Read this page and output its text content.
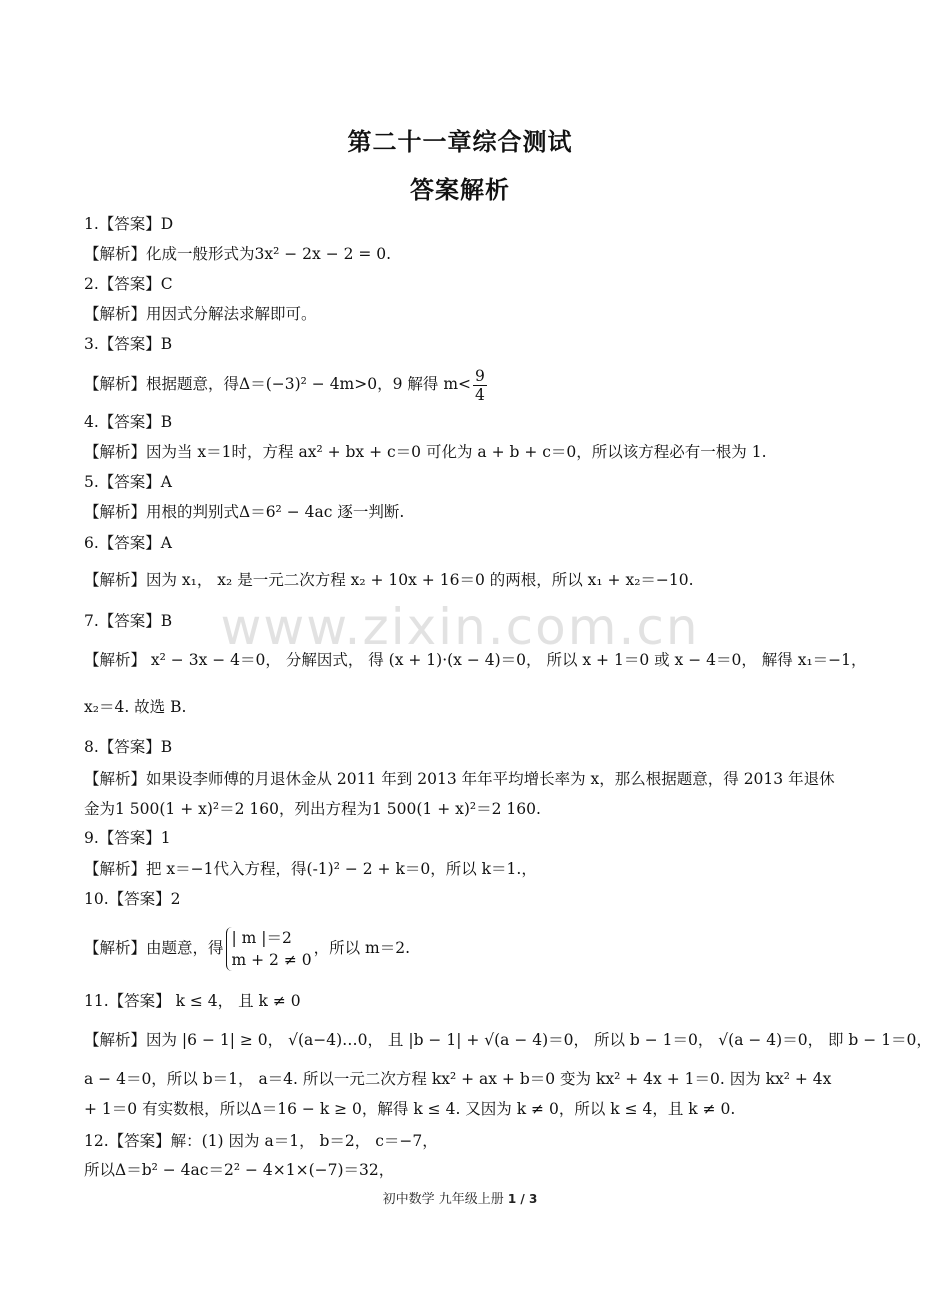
第二十一章综合测试
答案解析
www.zixin.com.cn
1.【答案】D
【解析】化成一般形式为3x² − 2x − 2 = 0.
2.【答案】C
【解析】用因式分解法求解即可。
3.【答案】B
【解析】根据题意，得Δ＝(−3)² − 4m>0，9 解得 $m< \frac{9}{4}$
4.【答案】B
【解析】因为当 x＝1时，方程 ax² + bx + c＝0 可化为 a + b + c＝0，所以该方程必有一根为 1.
5.【答案】A
【解析】用根的判别式Δ＝6² − 4ac 逐一判断.
6.【答案】A
【解析】因为 x₁， x₂ 是一元二次方程 x₂ + 10x + 16＝0 的两根，所以 x₁ + x₂＝−10.
7.【答案】B
【解析】 x² − 3x − 4＝0， 分解因式， 得 (x + 1)·(x − 4)＝0， 所以 x + 1＝0 或 x − 4＝0， 解得 x₁＝−1，
x₂＝4. 故选 B.
8.【答案】B
【解析】如果设李师傅的月退休金从 2011 年到 2013 年年平均增长率为 x，那么根据题意，得 2013 年退休金为1 500(1 + x)²＝2 160，列出方程为1 500(1 + x)²＝2 160.
9.【答案】1
【解析】把 x＝−1代入方程，得(-1)² − 2 + k＝0，所以 k＝1.，
10.【答案】2
【解析】由题意，得
| m |＝2
m + 2 ≠ 0
，所以 m＝2.
11.【答案】 k ≤ 4， 且 k ≠ 0
【解析】因为 |6 − 1| ≥ 0， √(a−4)…0， 且 |b − 1| + √(a − 4)＝0， 所以 b − 1＝0， √(a − 4)＝0， 即 b − 1＝0，
a − 4＝0，所以 b＝1， a＝4. 所以一元二次方程 kx² + ax + b＝0 变为 kx² + 4x + 1＝0. 因为 kx² + 4x + 1＝0 有实数根，所以Δ＝16 − k ≥ 0，解得 k ≤ 4. 又因为 k ≠ 0，所以 k ≤ 4，且 k ≠ 0.
12.【答案】解：(1) 因为 a＝1， b＝2， c＝−7，
所以Δ＝b² − 4ac＝2² − 4×1×(−7)＝32，
初中数学 九年级上册 1 / 3
